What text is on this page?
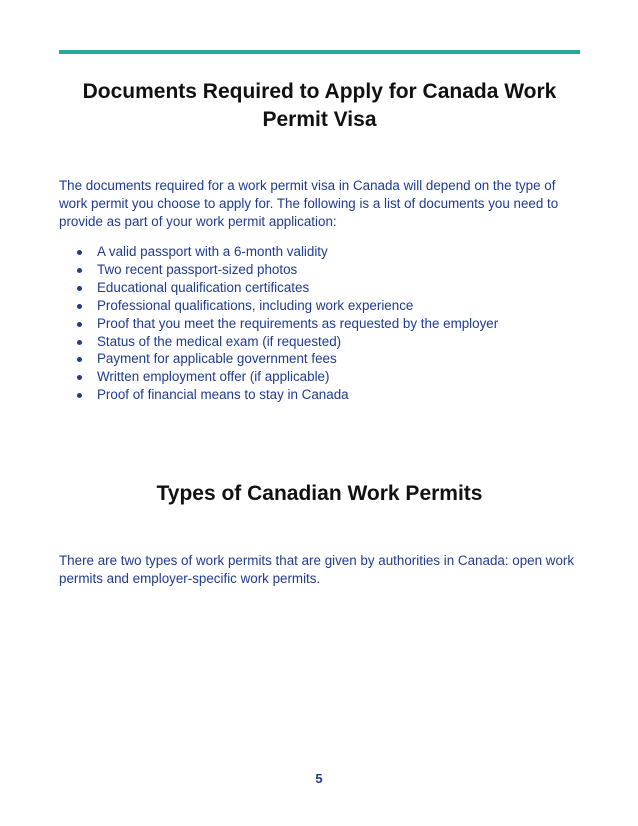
Documents Required to Apply for Canada Work Permit Visa

The documents required for a work permit visa in Canada will depend on the type of work permit you choose to apply for. The following is a list of documents you need to provide as part of your work permit application:

A valid passport with a 6-month validity
Two recent passport-sized photos
Educational qualification certificates
Professional qualifications, including work experience
Proof that you meet the requirements as requested by the employer
Status of the medical exam (if requested)
Payment for applicable government fees
Written employment offer (if applicable)
Proof of financial means to stay in Canada
Types of Canadian Work Permits

There are two types of work permits that are given by authorities in Canada: open work permits and employer-specific work permits.

5
